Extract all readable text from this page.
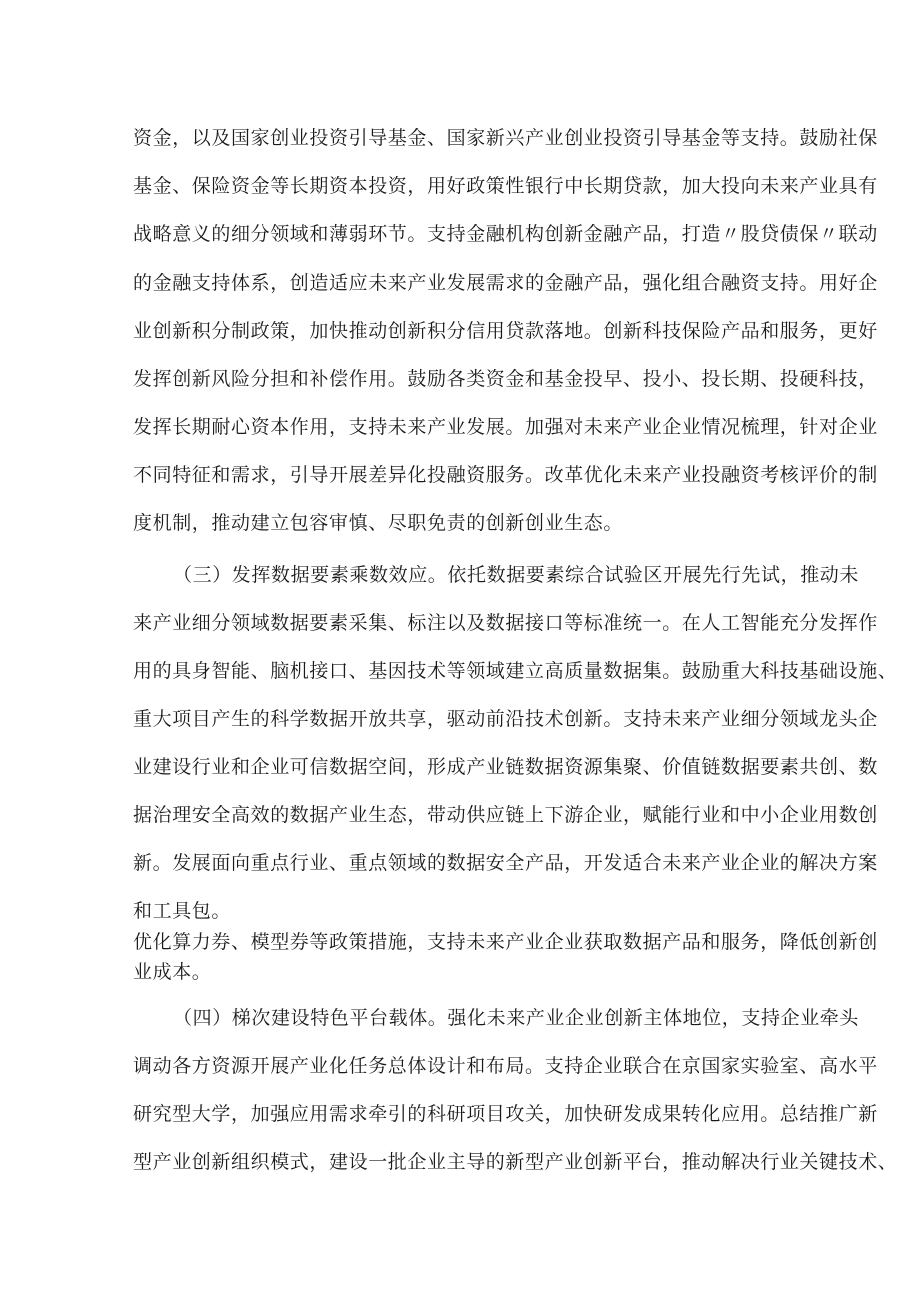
资金，以及国家创业投资引导基金、国家新兴产业创业投资引导基金等支持。鼓励社保
基金、保险资金等长期资本投资，用好政策性银行中长期贷款，加大投向未来产业具有
战略意义的细分领域和薄弱环节。支持金融机构创新金融产品，打造〃股贷债保〃联动
的金融支持体系，创造适应未来产业发展需求的金融产品，强化组合融资支持。用好企
业创新积分制政策，加快推动创新积分信用贷款落地。创新科技保险产品和服务，更好
发挥创新风险分担和补偿作用。鼓励各类资金和基金投早、投小、投长期、投硬科技，
发挥长期耐心资本作用，支持未来产业发展。加强对未来产业企业情况梳理，针对企业
不同特征和需求，引导开展差异化投融资服务。改革优化未来产业投融资考核评价的制
度机制，推动建立包容审慎、尽职免责的创新创业生态。
（三）发挥数据要素乘数效应。依托数据要素综合试验区开展先行先试，推动未
来产业细分领域数据要素采集、标注以及数据接口等标准统一。在人工智能充分发挥作
用的具身智能、脑机接口、基因技术等领域建立高质量数据集。鼓励重大科技基础设施、
重大项目产生的科学数据开放共享，驱动前沿技术创新。支持未来产业细分领域龙头企
业建设行业和企业可信数据空间，形成产业链数据资源集聚、价值链数据要素共创、数
据治理安全高效的数据产业生态，带动供应链上下游企业，赋能行业和中小企业用数创
新。发展面向重点行业、重点领域的数据安全产品，开发适合未来产业企业的解决方案
和工具包。
优化算力券、模型券等政策措施，支持未来产业企业获取数据产品和服务，降低创新创
业成本。
（四）梯次建设特色平台载体。强化未来产业企业创新主体地位，支持企业牵头
调动各方资源开展产业化任务总体设计和布局。支持企业联合在京国家实验室、高水平
研究型大学，加强应用需求牵引的科研项目攻关，加快研发成果转化应用。总结推广新
型产业创新组织模式，建设一批企业主导的新型产业创新平台，推动解决行业关键技术、
